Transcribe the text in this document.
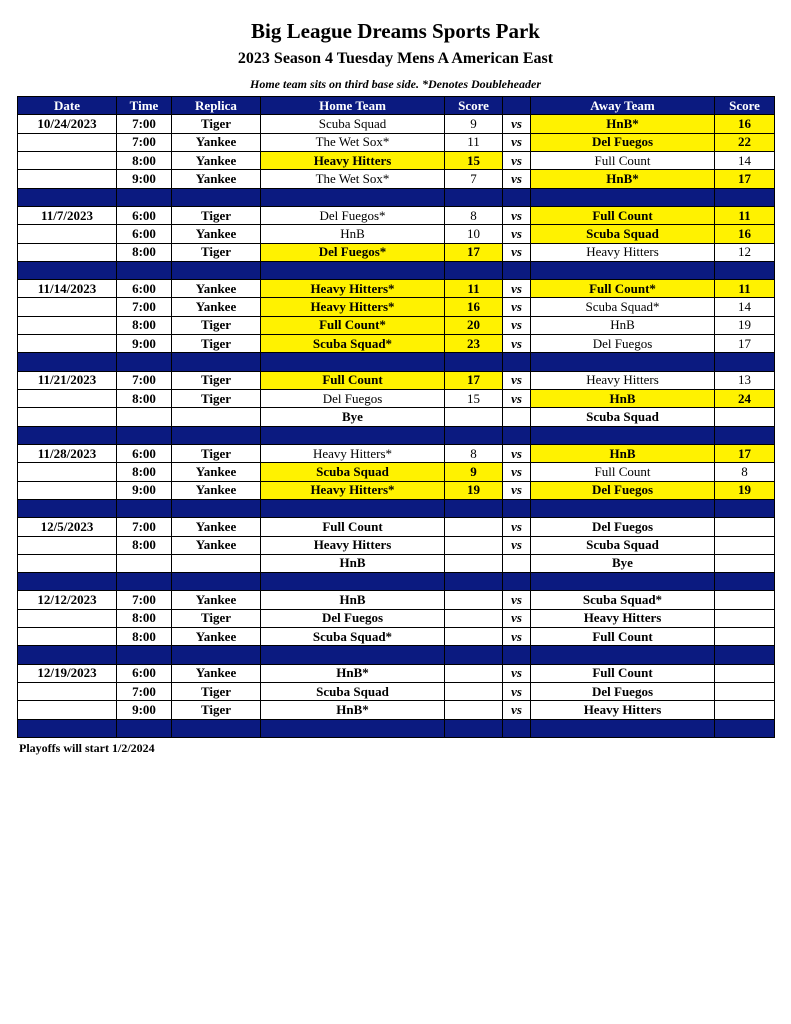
Big League Dreams Sports Park
2023 Season 4 Tuesday Mens A American East
Home team sits on third base side. *Denotes Doubleheader
Date	Time	Replica	Home Team	Score		Away Team	Score
10/24/2023	7:00	Tiger	Scuba Squad	9	vs	HnB*	16
	7:00	Yankee	The Wet Sox*	11	vs	Del Fuegos	22
	8:00	Yankee	Heavy Hitters	15	vs	Full Count	14
	9:00	Yankee	The Wet Sox*	7	vs	HnB*	17

11/7/2023	6:00	Tiger	Del Fuegos*	8	vs	Full Count	11
	6:00	Yankee	HnB	10	vs	Scuba Squad	16
	8:00	Tiger	Del Fuegos*	17	vs	Heavy Hitters	12

11/14/2023	6:00	Yankee	Heavy Hitters*	11	vs	Full Count*	11
	7:00	Yankee	Heavy Hitters*	16	vs	Scuba Squad*	14
	8:00	Tiger	Full Count*	20	vs	HnB	19
	9:00	Tiger	Scuba Squad*	23	vs	Del Fuegos	17

11/21/2023	7:00	Tiger	Full Count	17	vs	Heavy Hitters	13
	8:00	Tiger	Del Fuegos	15	vs	HnB	24
			Bye			Scuba Squad	

11/28/2023	6:00	Tiger	Heavy Hitters*	8	vs	HnB	17
	8:00	Yankee	Scuba Squad	9	vs	Full Count	8
	9:00	Yankee	Heavy Hitters*	19	vs	Del Fuegos	19

12/5/2023	7:00	Yankee	Full Count		vs	Del Fuegos	
	8:00	Yankee	Heavy Hitters		vs	Scuba Squad	
			HnB			Bye	

12/12/2023	7:00	Yankee	HnB		vs	Scuba Squad*	
	8:00	Tiger	Del Fuegos		vs	Heavy Hitters	
	8:00	Yankee	Scuba Squad*		vs	Full Count	

12/19/2023	6:00	Yankee	HnB*		vs	Full Count	
	7:00	Tiger	Scuba Squad		vs	Del Fuegos	
	9:00	Tiger	HnB*		vs	Heavy Hitters	

Playoffs will start 1/2/2024
